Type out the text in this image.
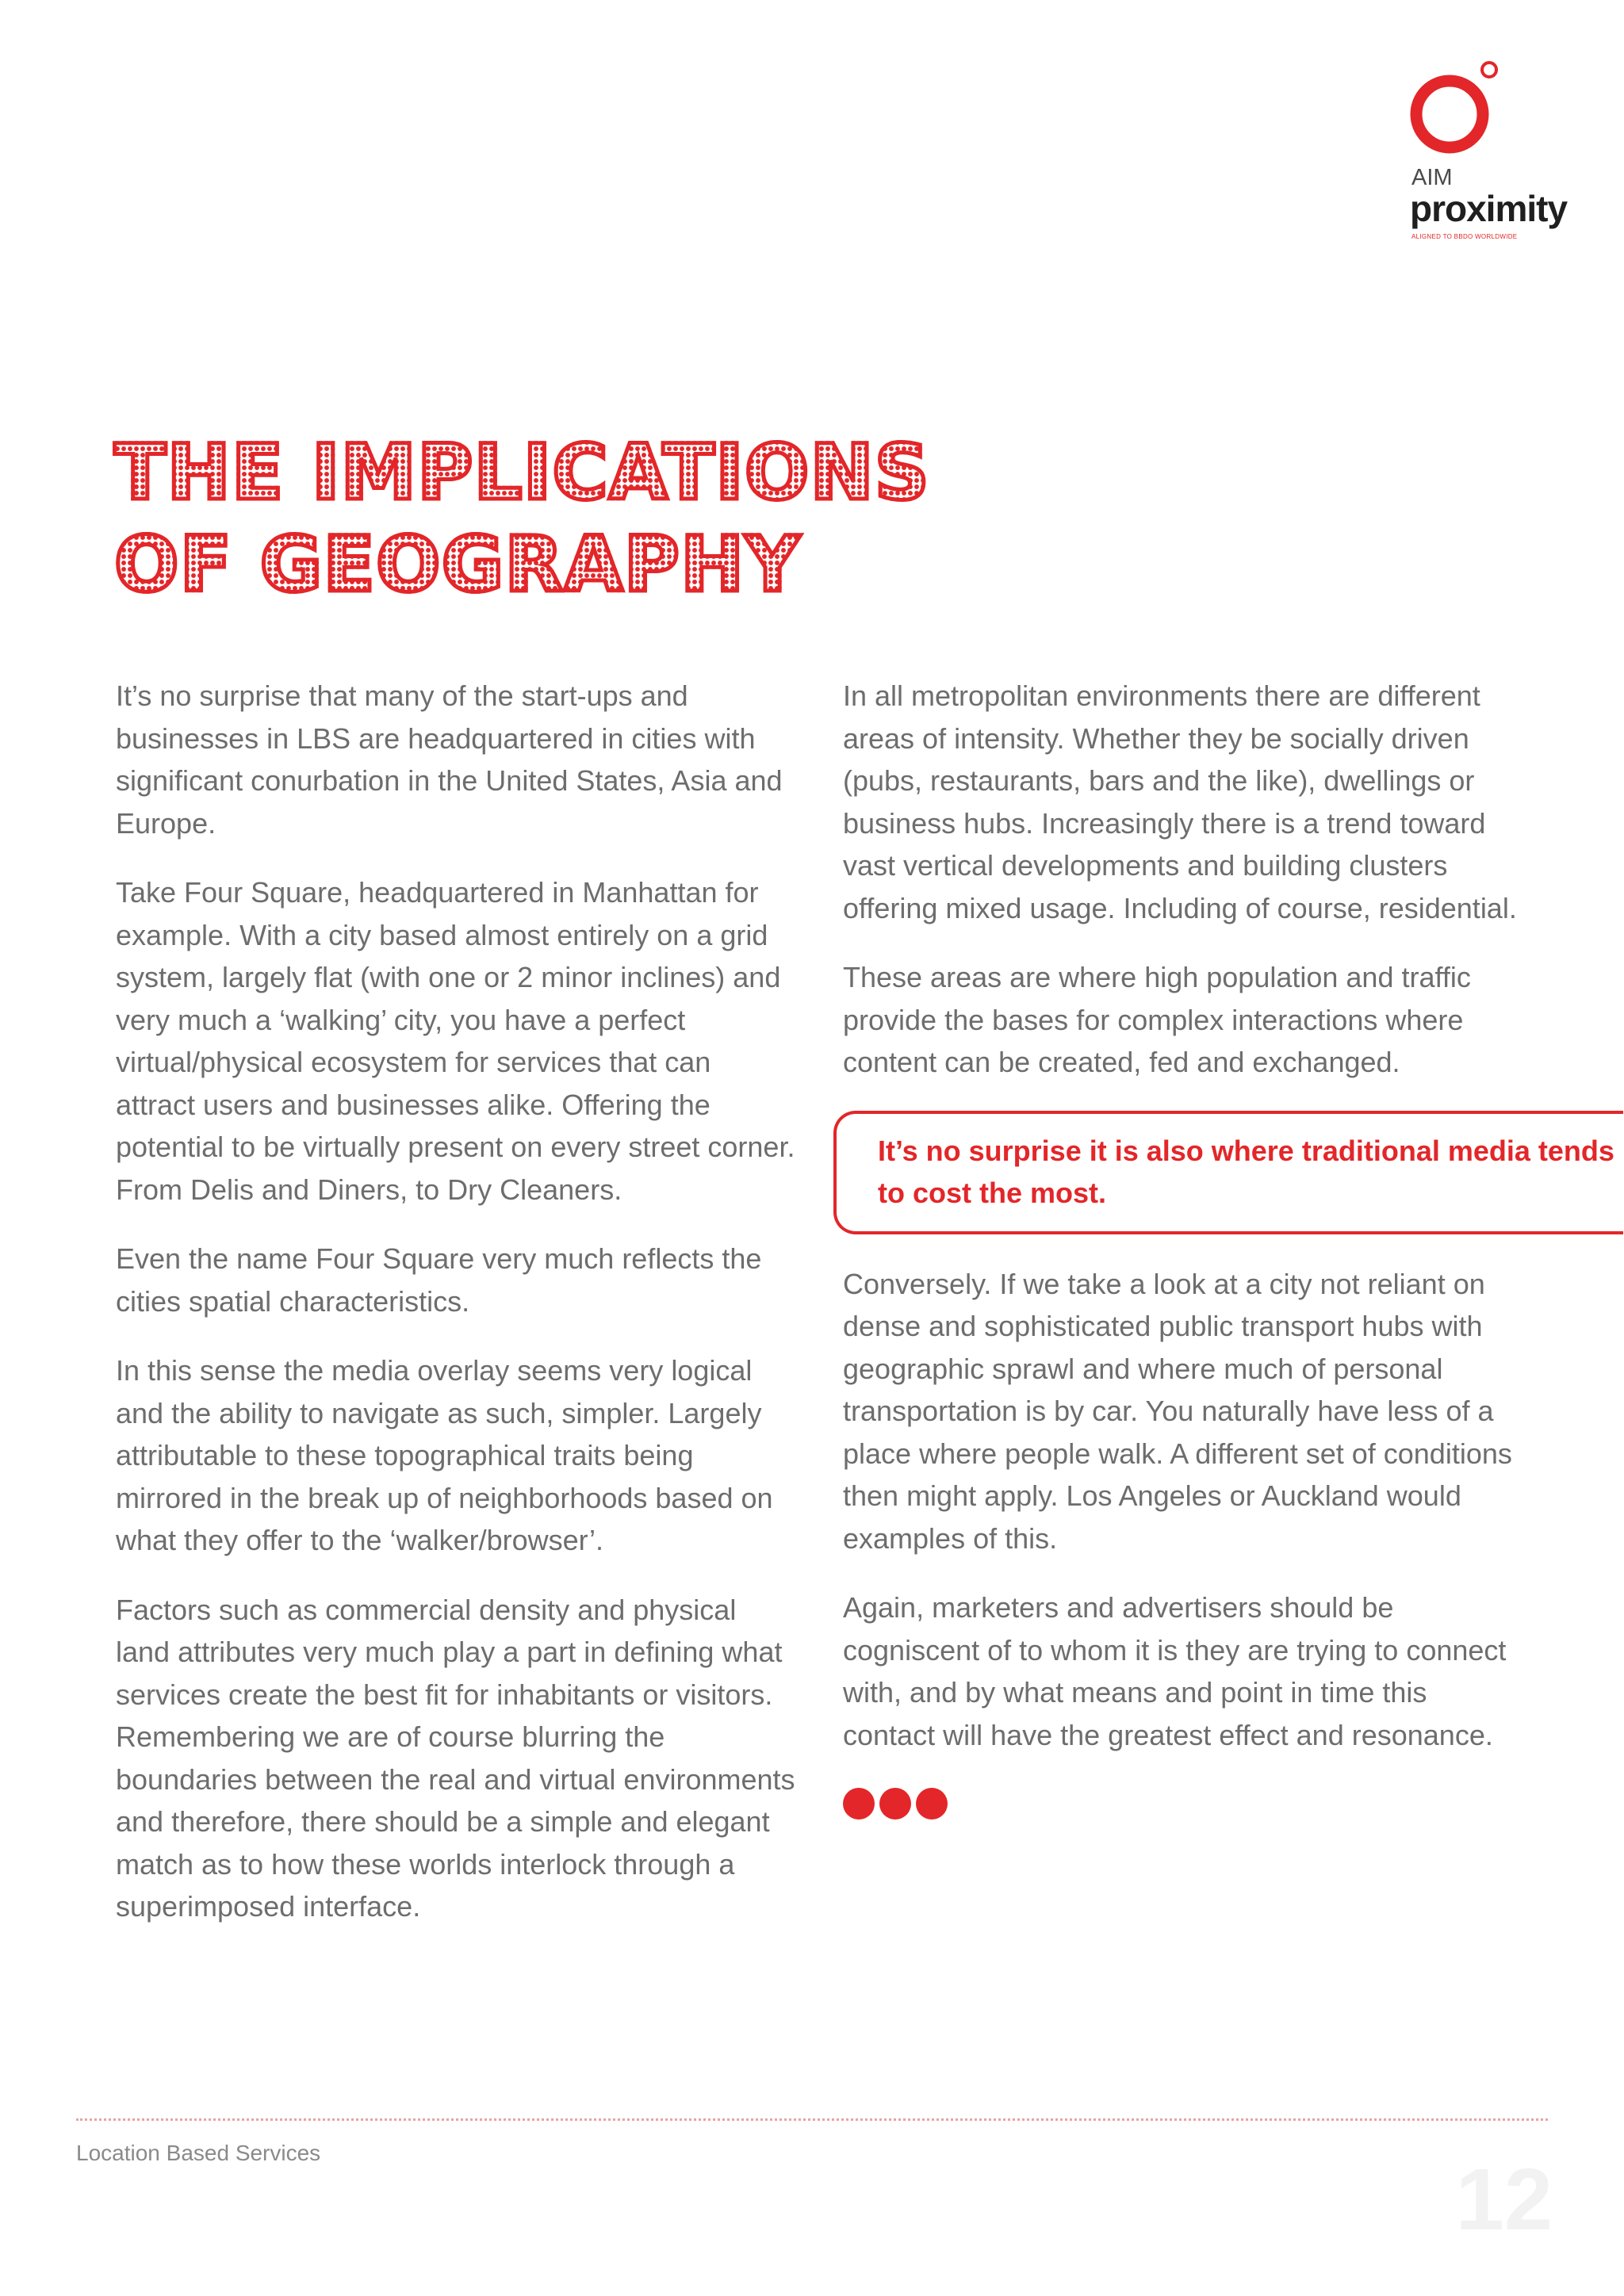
AIM
proximity
ALIGNED TO BBDO WORLDWIDE
THE IMPLICATIONS
OF GEOGRAPHY

It’s no surprise that many of the start-ups and businesses in LBS are headquartered in cities with significant conurbation in the United States, Asia and Europe.

Take Four Square, headquartered in Manhattan for example. With a city based almost entirely on a grid system, largely flat (with one or 2 minor inclines) and very much a ‘walking’ city, you have a perfect virtual/physical ecosystem for services that can attract users and businesses alike. Offering the potential to be virtually present on every street corner. From Delis and Diners, to Dry Cleaners.

Even the name Four Square very much reflects the cities spatial characteristics.

In this sense the media overlay seems very logical and the ability to navigate as such, simpler. Largely attributable to these topographical traits being mirrored in the break up of neighborhoods based on what they offer to the ‘walker/browser’.

Factors such as commercial density and physical land attributes very much play a part in defining what services create the best fit for inhabitants or visitors. Remembering we are of course blurring the boundaries between the real and virtual environments and therefore, there should be a simple and elegant match as to how these worlds interlock through a superimposed interface.

In all metropolitan environments there are different areas of intensity. Whether they be socially driven (pubs, restaurants, bars and the like), dwellings or business hubs. Increasingly there is a trend toward vast vertical developments and building clusters offering mixed usage. Including of course, residential.

These areas are where high population and traffic provide the bases for complex interactions where content can be created, fed and exchanged.

It’s no surprise it is also where traditional media tends to cost the most.

Conversely. If we take a look at a city not reliant on dense and sophisticated public transport hubs with geographic sprawl and where much of personal transportation is by car. You naturally have less of a place where people walk. A different set of conditions then might apply. Los Angeles or Auckland would examples of this.

Again, marketers and advertisers should be cogniscent of to whom it is they are trying to connect with, and by what means and point in time this contact will have the greatest effect and resonance.

Location Based Services	12
